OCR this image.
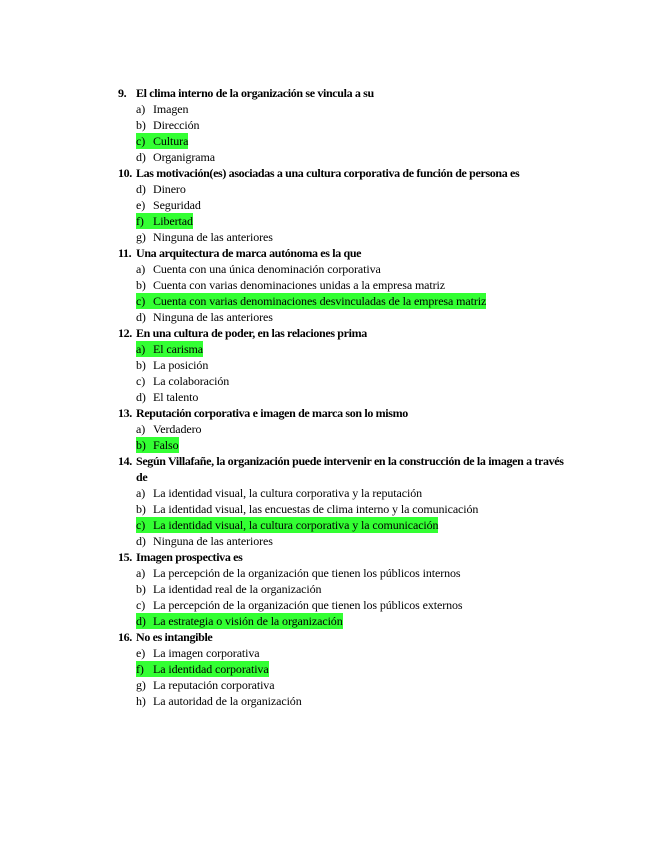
9. El clima interno de la organización se vincula a su
a) Imagen
b) Dirección
c) Cultura
d) Organigrama
10. Las motivación(es) asociadas a una cultura corporativa de función de persona es
d) Dinero
e) Seguridad
f) Libertad
g) Ninguna de las anteriores
11. Una arquitectura de marca autónoma es la que
a) Cuenta con una única denominación corporativa
b) Cuenta con varias denominaciones unidas a la empresa matriz
c) Cuenta con varias denominaciones desvinculadas de la empresa matriz
d) Ninguna de las anteriores
12. En una cultura de poder, en las relaciones prima
a) El carisma
b) La posición
c) La colaboración
d) El talento
13. Reputación corporativa e imagen de marca son lo mismo
a) Verdadero
b) Falso
14. Según Villafañe, la organización puede intervenir en la construcción de la imagen a través de
a) La identidad visual, la cultura corporativa y la reputación
b) La identidad visual, las encuestas de clima interno y la comunicación
c) La identidad visual, la cultura corporativa y la comunicación
d) Ninguna de las anteriores
15. Imagen prospectiva es
a) La percepción de la organización que tienen los públicos internos
b) La identidad real de la organización
c) La percepción de la organización que tienen los públicos externos
d) La estrategia o visión de la organización
16. No es intangible
e) La imagen corporativa
f) La identidad corporativa
g) La reputación corporativa
h) La autoridad de la organización
